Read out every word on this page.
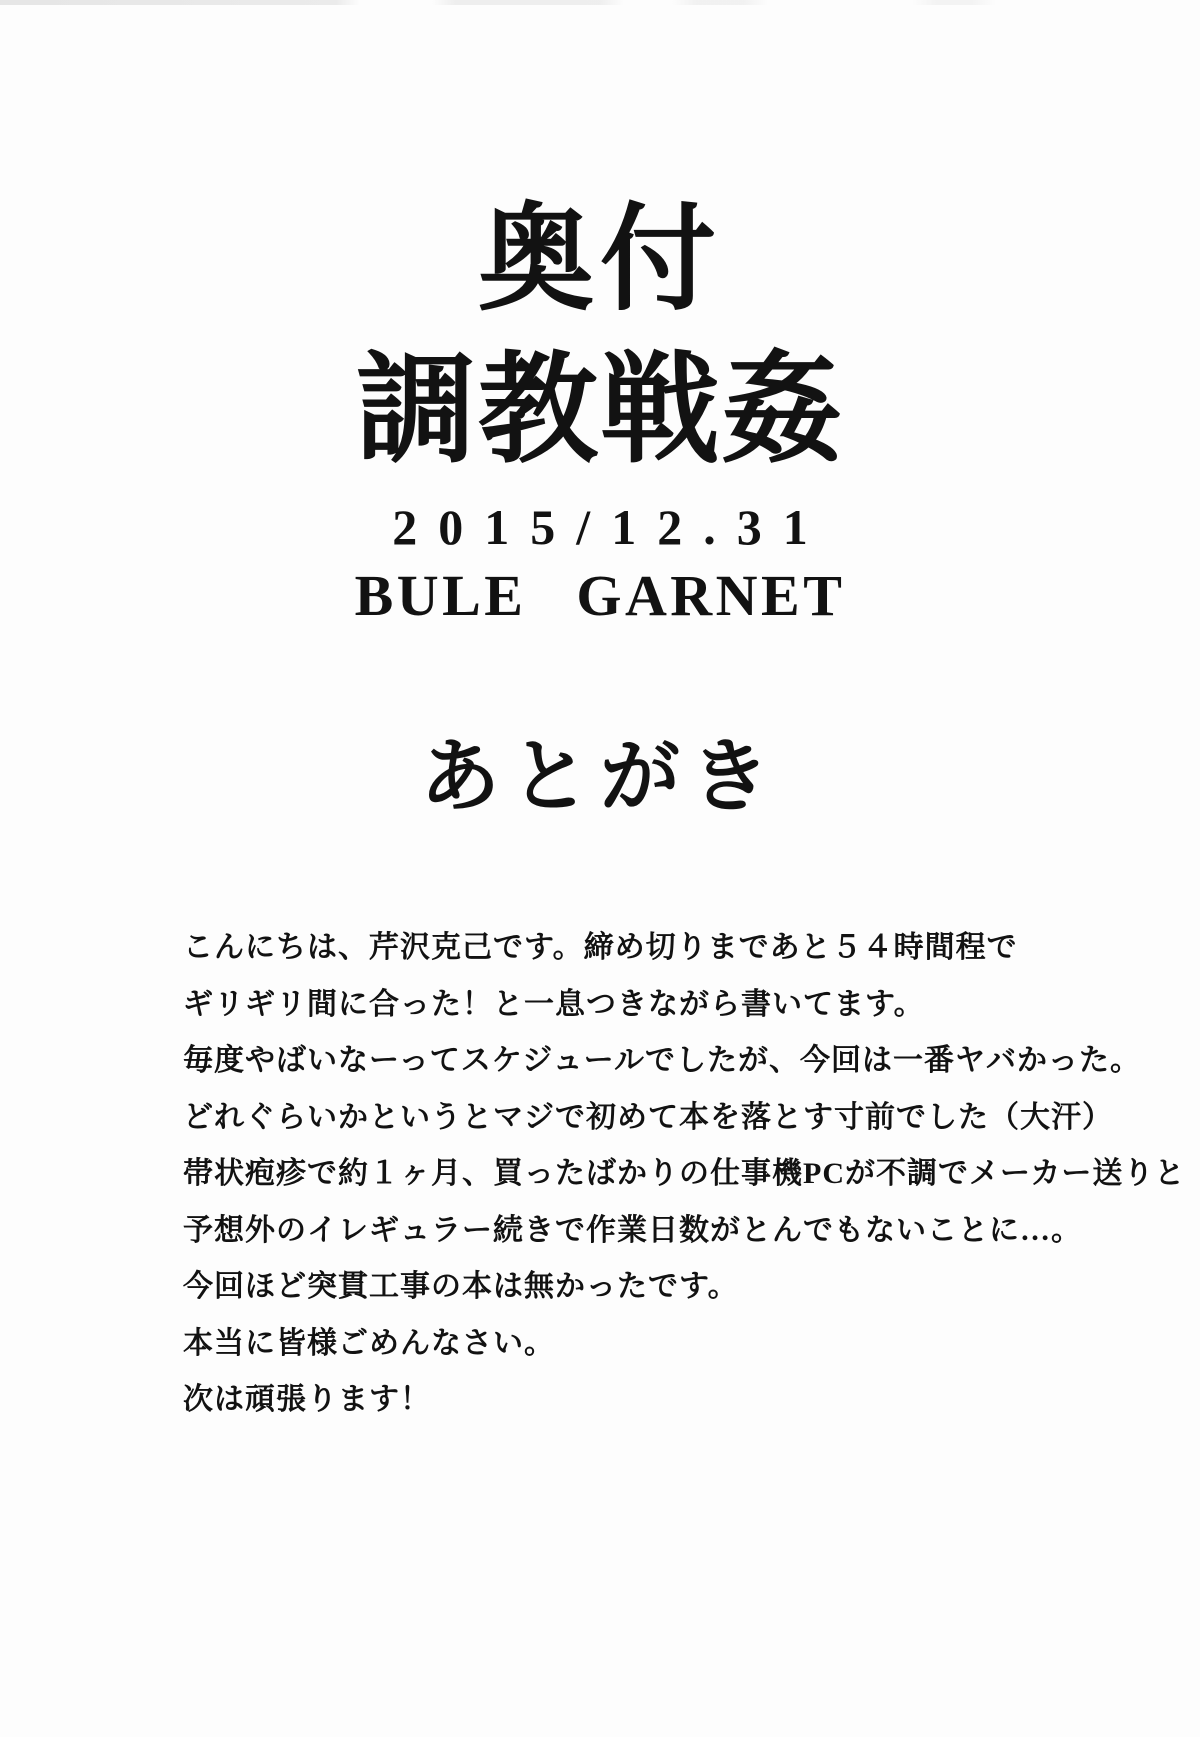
奥付
調教戦姦
2015/12.31
BULE GARNET
あとがき
こんにちは、芹沢克己です。締め切りまであと５４時間程で
ギリギリ間に合った！と一息つきながら書いてます。
毎度やばいなーってスケジュールでしたが、今回は一番ヤバかった。
どれぐらいかというとマジで初めて本を落とす寸前でした（大汗）
帯状疱疹で約１ヶ月、買ったばかりの仕事機PCが不調でメーカー送りと
予想外のイレギュラー続きで作業日数がとんでもないことに…。
今回ほど突貫工事の本は無かったです。
本当に皆様ごめんなさい。
次は頑張ります！
